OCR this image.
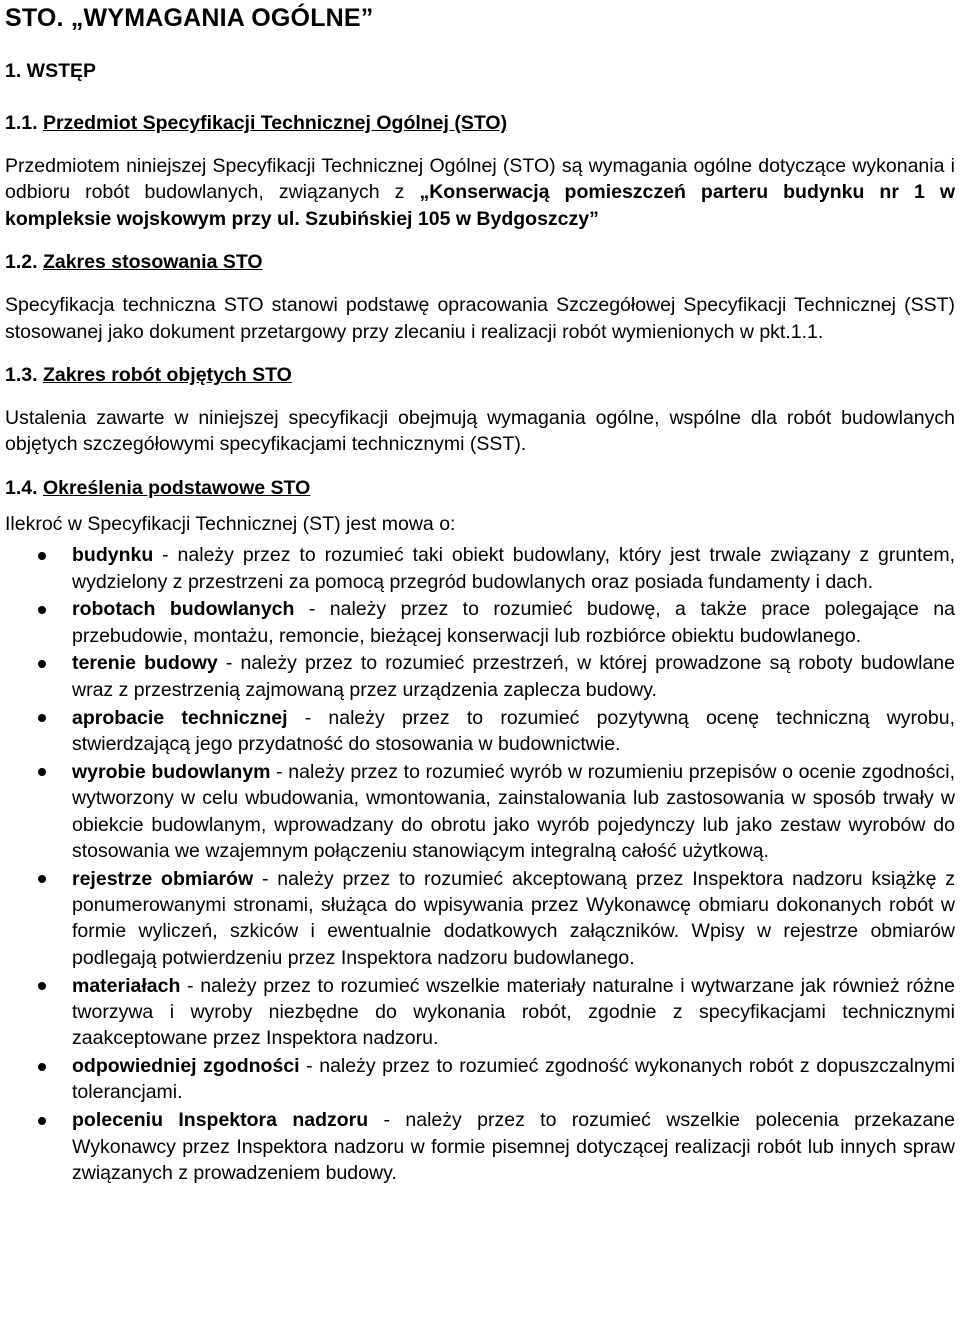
STO. „WYMAGANIA OGÓLNE”
1. WSTĘP
1.1. Przedmiot Specyfikacji Technicznej Ogólnej (STO)

Przedmiotem niniejszej Specyfikacji Technicznej Ogólnej (STO) są wymagania ogólne dotyczące wykonania i odbioru robót budowlanych, związanych z „Konserwacją pomieszczeń parteru budynku nr 1 w kompleksie wojskowym przy ul. Szubińskiej 105 w Bydgoszczy”

1.2. Zakres stosowania STO

Specyfikacja techniczna STO stanowi podstawę opracowania Szczegółowej Specyfikacji Technicznej (SST) stosowanej jako dokument przetargowy przy zlecaniu i realizacji robót wymienionych w pkt.1.1.

1.3. Zakres robót objętych STO

Ustalenia zawarte w niniejszej specyfikacji obejmują wymagania ogólne, wspólne dla robót budowlanych objętych szczegółowymi specyfikacjami technicznymi (SST).

1.4. Określenia podstawowe STO

Ilekroć w Specyfikacji Technicznej (ST) jest mowa o:

budynku - należy przez to rozumieć taki obiekt budowlany, który jest trwale związany z gruntem, wydzielony z przestrzeni za pomocą przegród budowlanych oraz posiada fundamenty i dach.
robotach budowlanych - należy przez to rozumieć budowę, a także prace polegające na przebudowie, montażu, remoncie, bieżącej konserwacji lub rozbiórce obiektu budowlanego.
terenie budowy - należy przez to rozumieć przestrzeń, w której prowadzone są roboty budowlane wraz z przestrzenią zajmowaną przez urządzenia zaplecza budowy.
aprobacie technicznej - należy przez to rozumieć pozytywną ocenę techniczną wyrobu, stwierdzającą jego przydatność do stosowania w budownictwie.
wyrobie budowlanym - należy przez to rozumieć wyrób w rozumieniu przepisów o ocenie zgodności, wytworzony w celu wbudowania, wmontowania, zainstalowania lub zastosowania w sposób trwały w obiekcie budowlanym, wprowadzany do obrotu jako wyrób pojedynczy lub jako zestaw wyrobów do stosowania we wzajemnym połączeniu stanowiącym integralną całość użytkową.
rejestrze obmiarów - należy przez to rozumieć akceptowaną przez Inspektora nadzoru książkę z ponumerowanymi stronami, służąca do wpisywania przez Wykonawcę obmiaru dokonanych robót w formie wyliczeń, szkiców i ewentualnie dodatkowych załączników. Wpisy w rejestrze obmiarów podlegają potwierdzeniu przez Inspektora nadzoru budowlanego.
materiałach - należy przez to rozumieć wszelkie materiały naturalne i wytwarzane jak również różne tworzywa i wyroby niezbędne do wykonania robót, zgodnie z specyfikacjami technicznymi zaakceptowane przez Inspektora nadzoru.
odpowiedniej zgodności - należy przez to rozumieć zgodność wykonanych robót z dopuszczalnymi tolerancjami.
poleceniu Inspektora nadzoru - należy przez to rozumieć wszelkie polecenia przekazane Wykonawcy przez Inspektora nadzoru w formie pisemnej dotyczącej realizacji robót lub innych spraw związanych z prowadzeniem budowy.
